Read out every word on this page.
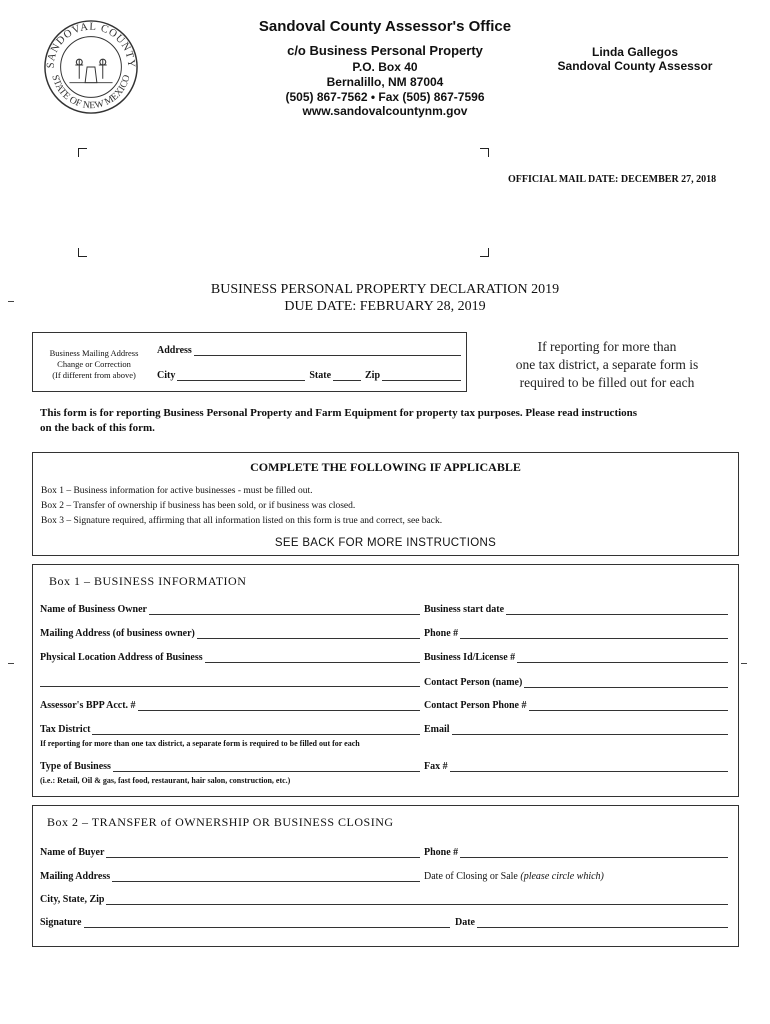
SANDOVAL COUNTY
STATE OF NEW MEXICO
Sandoval County Assessor's Office
c/o Business Personal Property
P.O. Box 40
Bernalillo, NM 87004
(505) 867-7562 • Fax (505) 867-7596
www.sandovalcountynm.gov
Linda Gallegos
Sandoval County Assessor
OFFICIAL MAIL DATE: DECEMBER 27, 2018
BUSINESS PERSONAL PROPERTY DECLARATION 2019
DUE DATE: FEBRUARY 28, 2019
Business Mailing Address
Change or Correction
(If different from above)
Address
City	State	Zip
If reporting for more than
one tax district, a separate form is
required to be filled out for each
This form is for reporting Business Personal Property and Farm Equipment for property tax purposes. Please read instructions
on the back of this form.
COMPLETE THE FOLLOWING IF APPLICABLE
Box 1 – Business information for active businesses - must be filled out.
Box 2 – Transfer of ownership if business has been sold, or if business was closed.
Box 3 – Signature required, affirming that all information listed on this form is true and correct, see back.
SEE BACK FOR MORE INSTRUCTIONS
Box 1 – BUSINESS INFORMATION
Name of Business Owner	Business start date
Mailing Address (of business owner)	Phone #
Physical Location Address of Business	Business Id/License #
Contact Person (name)
Assessor's BPP Acct. #	Contact Person Phone #
Tax District	Email
If reporting for more than one tax district, a separate form is required to be filled out for each
Type of Business	Fax #
(i.e.: Retail, Oil & gas, fast food, restaurant, hair salon, construction, etc.)
Box 2 – TRANSFER of OWNERSHIP OR BUSINESS CLOSING
Name of Buyer	Phone #
Mailing Address	Date of Closing or Sale (please circle which)
City, State, Zip
Signature	Date
